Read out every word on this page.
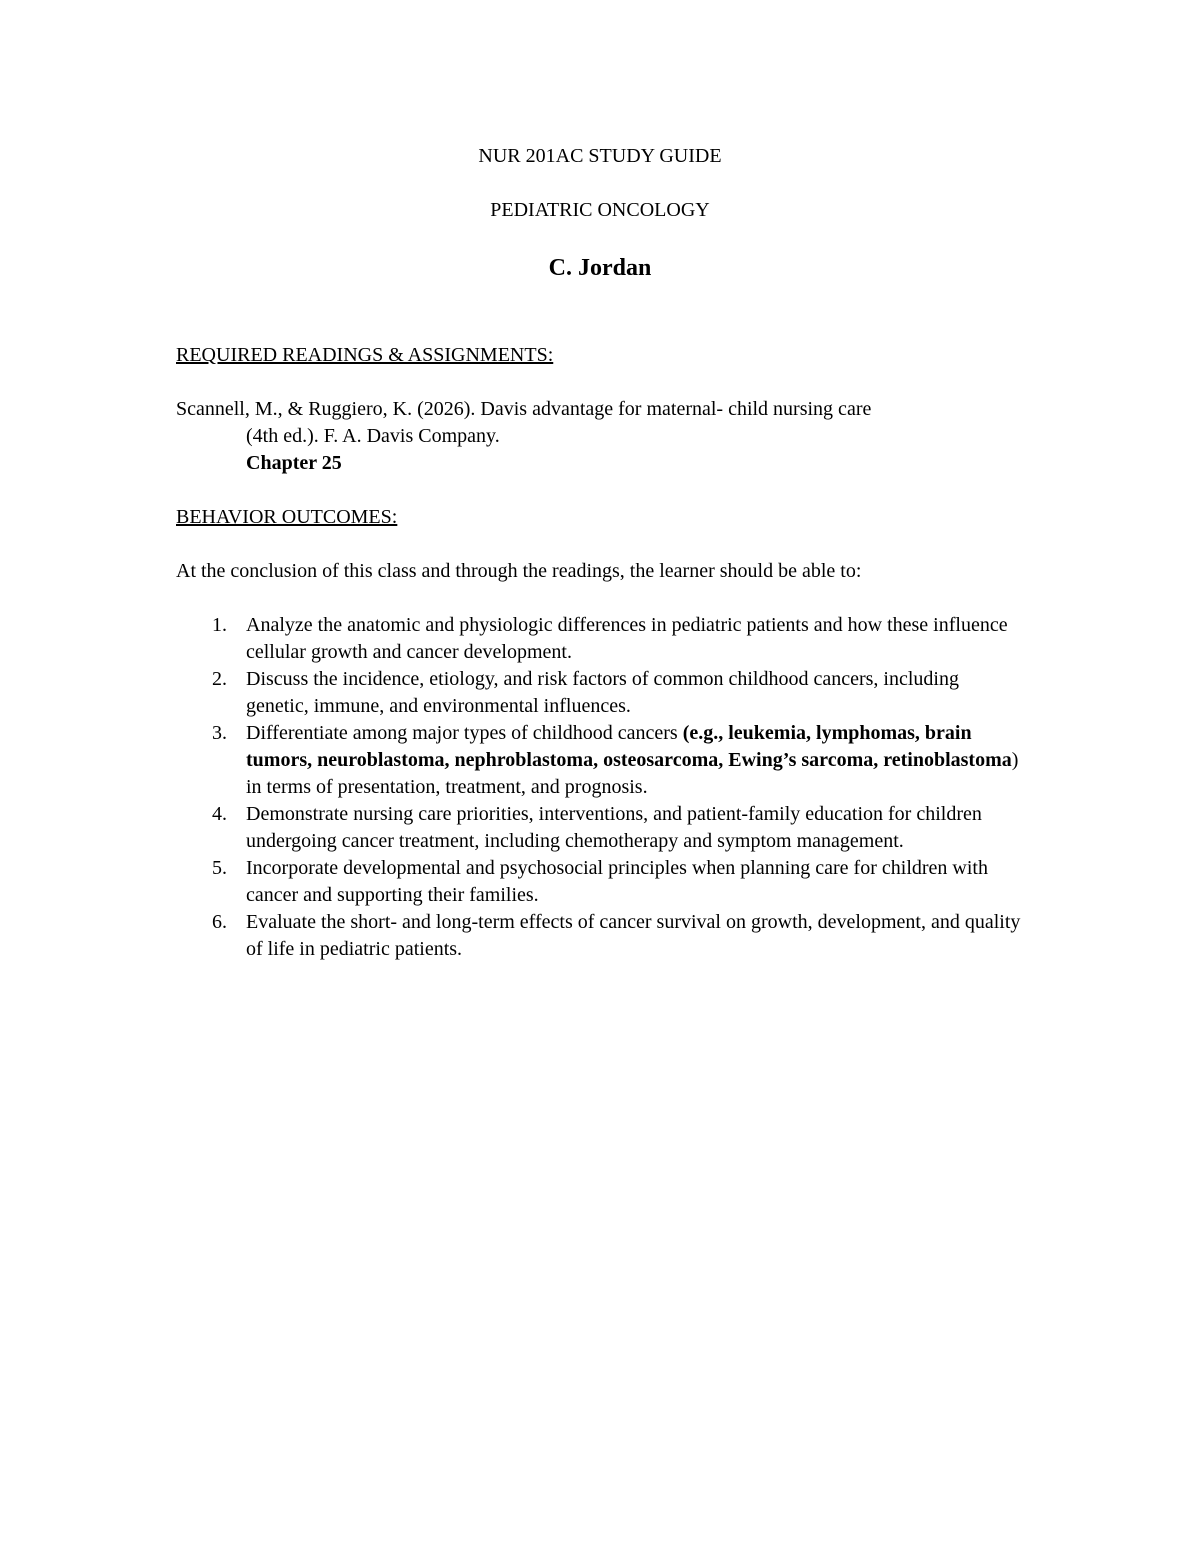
NUR 201AC STUDY GUIDE
PEDIATRIC ONCOLOGY
C. Jordan
REQUIRED READINGS & ASSIGNMENTS:
Scannell, M., & Ruggiero, K. (2026). Davis advantage for maternal- child nursing care
(4th ed.). F. A. Davis Company.
Chapter 25
BEHAVIOR OUTCOMES:
At the conclusion of this class and through the readings, the learner should be able to:
1. Analyze the anatomic and physiologic differences in pediatric patients and how these influence cellular growth and cancer development.
2. Discuss the incidence, etiology, and risk factors of common childhood cancers, including genetic, immune, and environmental influences.
3. Differentiate among major types of childhood cancers (e.g., leukemia, lymphomas, brain tumors, neuroblastoma, nephroblastoma, osteosarcoma, Ewing’s sarcoma, retinoblastoma) in terms of presentation, treatment, and prognosis.
4. Demonstrate nursing care priorities, interventions, and patient-family education for children undergoing cancer treatment, including chemotherapy and symptom management.
5. Incorporate developmental and psychosocial principles when planning care for children with cancer and supporting their families.
6. Evaluate the short- and long-term effects of cancer survival on growth, development, and quality of life in pediatric patients.
